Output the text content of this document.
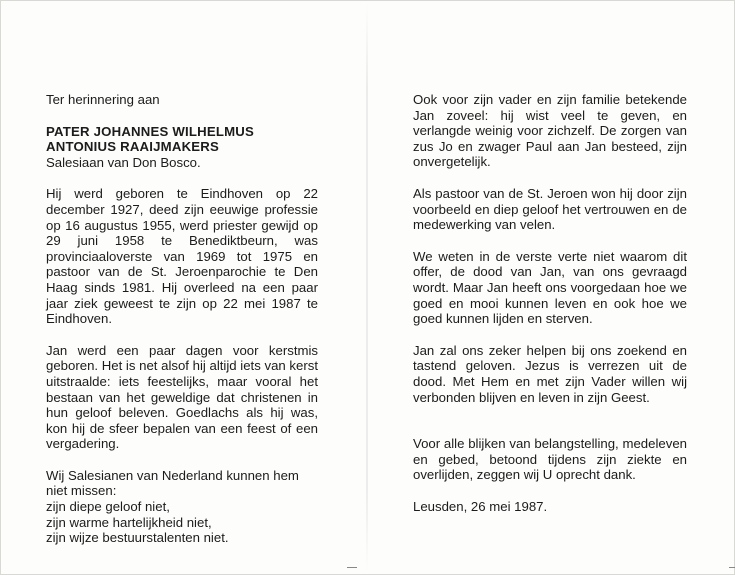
Ter herinnering aan

PATER JOHANNES WILHELMUS

ANTONIUS RAAIJMAKERS

Salesiaan van Don Bosco.

Hij werd geboren te Eindhoven op 22 december 1927, deed zijn eeuwige professie op 16 augustus 1955, werd priester gewijd op 29 juni 1958 te Benediktbeurn, was provinciaaloverste van 1969 tot 1975 en pastoor van de St. Jeroenparochie te Den Haag sinds 1981. Hij overleed na een paar jaar ziek geweest te zijn op 22 mei 1987 te Eindhoven.

Jan werd een paar dagen voor kerstmis geboren. Het is net alsof hij altijd iets van kerst uitstraalde: iets feestelijks, maar vooral het bestaan van het geweldige dat christenen in hun geloof beleven. Goedlachs als hij was, kon hij de sfeer bepalen van een feest of een vergadering.

Wij Salesianen van Nederland kunnen hem niet missen:

zijn diepe geloof niet,

zijn warme hartelijkheid niet,

zijn wijze bestuurstalenten niet.

Ook voor zijn vader en zijn familie betekende Jan zoveel: hij wist veel te geven, en verlangde weinig voor zichzelf. De zorgen van zus Jo en zwager Paul aan Jan besteed, zijn onvergetelijk.

Als pastoor van de St. Jeroen won hij door zijn voorbeeld en diep geloof het vertrouwen en de medewerking van velen.

We weten in de verste verte niet waarom dit offer, de dood van Jan, van ons gevraagd wordt. Maar Jan heeft ons voorgedaan hoe we goed en mooi kunnen leven en ook hoe we goed kunnen lijden en sterven.

Jan zal ons zeker helpen bij ons zoekend en tastend geloven. Jezus is verrezen uit de dood. Met Hem en met zijn Vader willen wij verbonden blijven en leven in zijn Geest.

Voor alle blijken van belangstelling, medeleven en gebed, betoond tijdens zijn ziekte en overlijden, zeggen wij U oprecht dank.

Leusden, 26 mei 1987.
